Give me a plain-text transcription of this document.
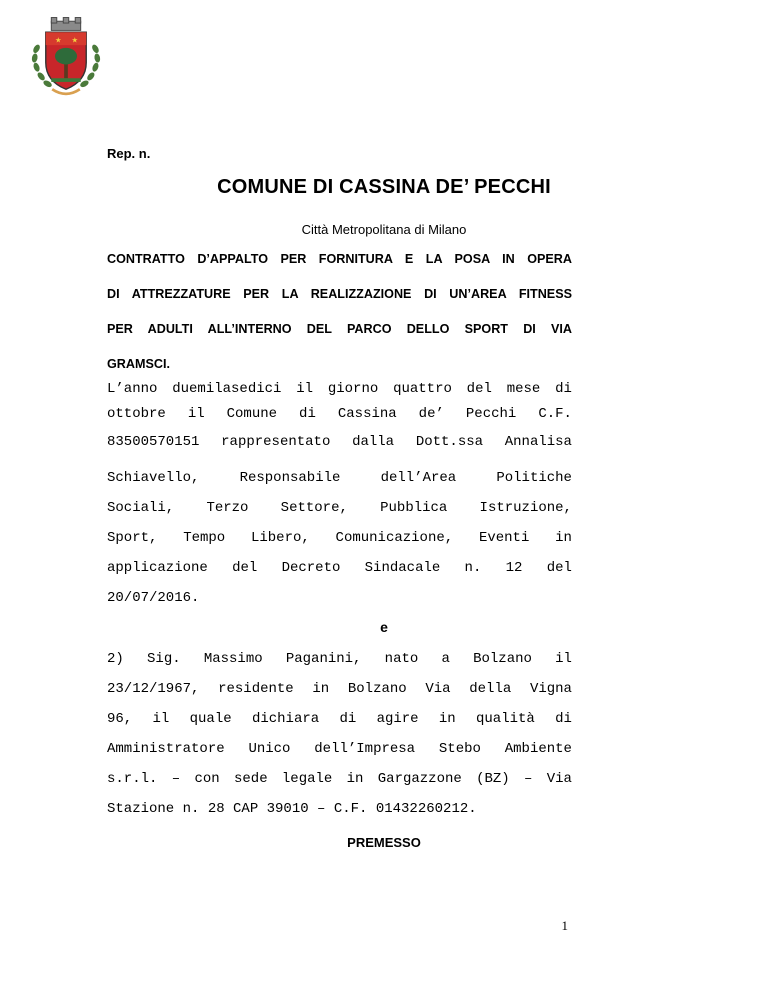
★ ★

Rep. n.

COMUNE DI CASSINA DE’ PECCHI

Città Metropolitana di Milano

CONTRATTO D’APPALTO PER FORNITURA E LA POSA IN OPERA

DI ATTREZZATURE PER LA REALIZZAZIONE DI UN’AREA FITNESS

PER ADULTI ALL’INTERNO DEL PARCO DELLO SPORT DI VIA

GRAMSCI.

L’anno duemilasedici il giorno quattro del mese di
ottobre il Comune di Cassina de’ Pecchi C.F.
83500570151 rappresentato dalla Dott.ssa Annalisa
Schiavello,	Responsabile	dell’Area	Politiche
Sociali, Terzo Settore, Pubblica Istruzione,
Sport, Tempo Libero, Comunicazione, Eventi in
applicazione del Decreto Sindacale n. 12 del
20/07/2016.

e

2) Sig. Massimo Paganini, nato a Bolzano il
23/12/1967, residente in Bolzano Via della Vigna
96, il quale dichiara di agire in qualità di
Amministratore Unico dell’Impresa Stebo Ambiente
s.r.l. – con sede legale in Gargazzone (BZ) – Via
Stazione n. 28 CAP 39010 – C.F. 01432260212.

PREMESSO

1
